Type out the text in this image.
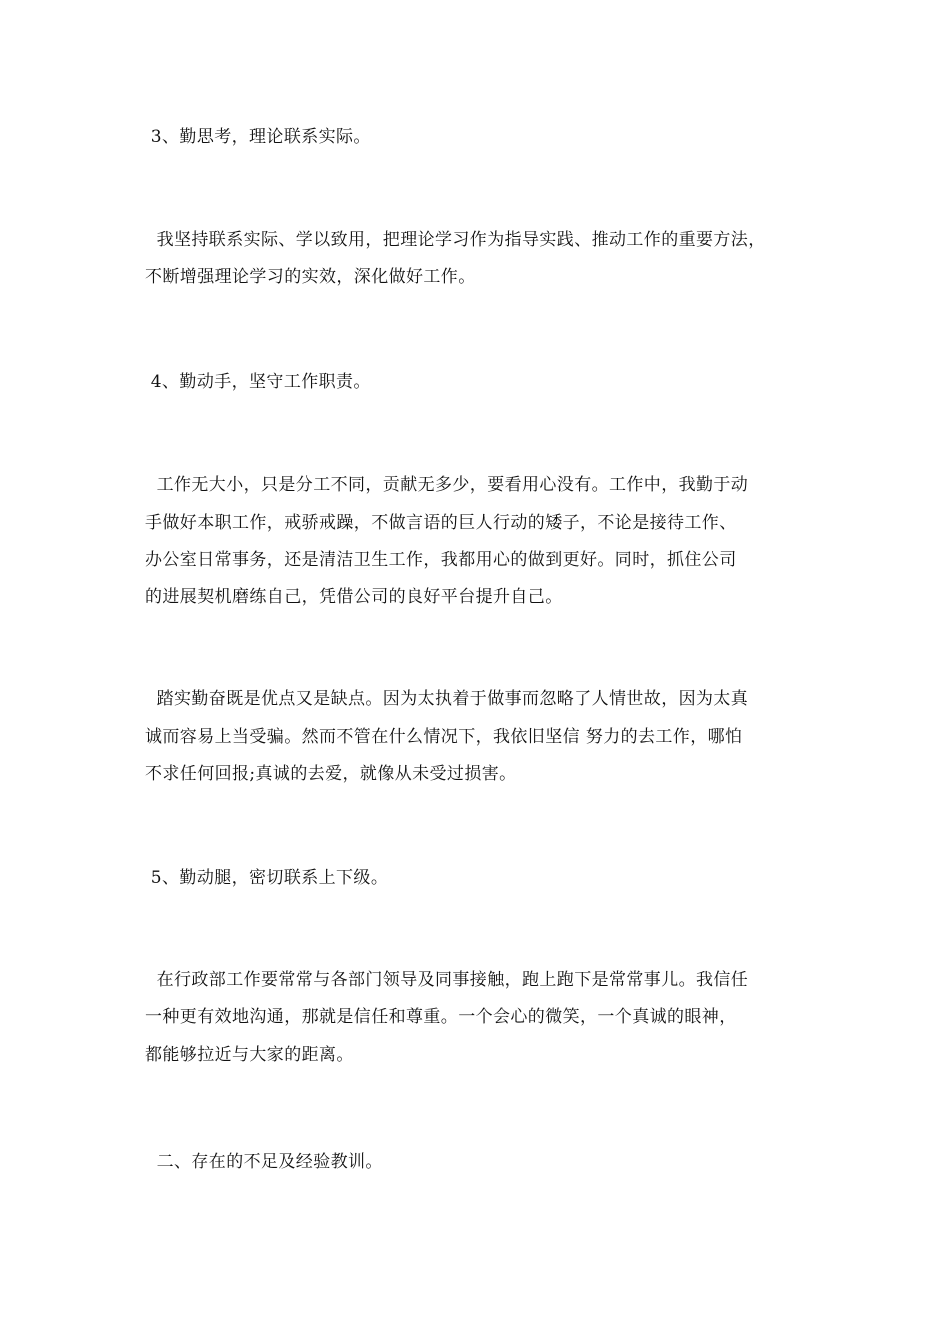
3、勤思考，理论联系实际。
我坚持联系实际、学以致用，把理论学习作为指导实践、推动工作的重要方法，
不断增强理论学习的实效，深化做好工作。
4、勤动手，坚守工作职责。
工作无大小，只是分工不同，贡献无多少，要看用心没有。工作中，我勤于动
手做好本职工作，戒骄戒躁，不做言语的巨人行动的矮子，不论是接待工作、
办公室日常事务，还是清洁卫生工作，我都用心的做到更好。同时，抓住公司
的进展契机磨练自己，凭借公司的良好平台提升自己。
踏实勤奋既是优点又是缺点。因为太执着于做事而忽略了人情世故，因为太真
诚而容易上当受骗。然而不管在什么情况下，我依旧坚信 努力的去工作，哪怕
不求任何回报;真诚的去爱，就像从未受过损害。
5、勤动腿，密切联系上下级。
在行政部工作要常常与各部门领导及同事接触，跑上跑下是常常事儿。我信任
一种更有效地沟通，那就是信任和尊重。一个会心的微笑，一个真诚的眼神，
都能够拉近与大家的距离。
二、存在的不足及经验教训。
